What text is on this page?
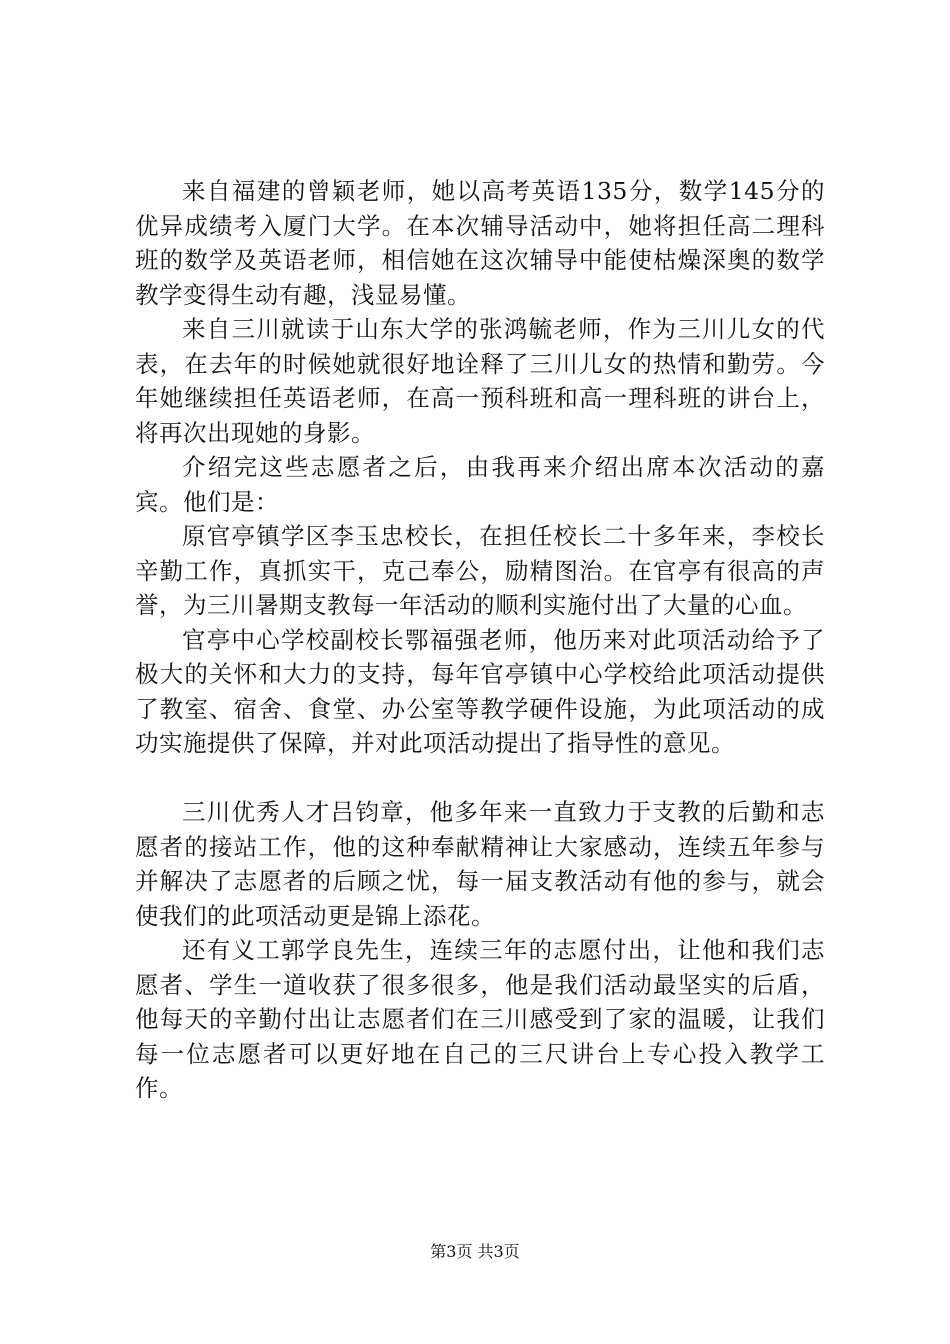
来自福建的曾颖老师，她以高考英语135分，数学145分的优异成绩考入厦门大学。在本次辅导活动中，她将担任高二理科班的数学及英语老师，相信她在这次辅导中能使枯燥深奥的数学教学变得生动有趣，浅显易懂。

来自三川就读于山东大学的张鸿毓老师，作为三川儿女的代表，在去年的时候她就很好地诠释了三川儿女的热情和勤劳。今年她继续担任英语老师，在高一预科班和高一理科班的讲台上，将再次出现她的身影。

介绍完这些志愿者之后，由我再来介绍出席本次活动的嘉宾。他们是：

原官亭镇学区李玉忠校长，在担任校长二十多年来，李校长辛勤工作，真抓实干，克己奉公，励精图治。在官亭有很高的声誉，为三川暑期支教每一年活动的顺利实施付出了大量的心血。

官亭中心学校副校长鄂福强老师，他历来对此项活动给予了极大的关怀和大力的支持，每年官亭镇中心学校给此项活动提供了教室、宿舍、食堂、办公室等教学硬件设施，为此项活动的成功实施提供了保障，并对此项活动提出了指导性的意见。

三川优秀人才吕钧章，他多年来一直致力于支教的后勤和志愿者的接站工作，他的这种奉献精神让大家感动，连续五年参与并解决了志愿者的后顾之忧，每一届支教活动有他的参与，就会使我们的此项活动更是锦上添花。

还有义工郭学良先生，连续三年的志愿付出，让他和我们志愿者、学生一道收获了很多很多，他是我们活动最坚实的后盾，他每天的辛勤付出让志愿者们在三川感受到了家的温暖，让我们每一位志愿者可以更好地在自己的三尺讲台上专心投入教学工作。

第3页 共3页
